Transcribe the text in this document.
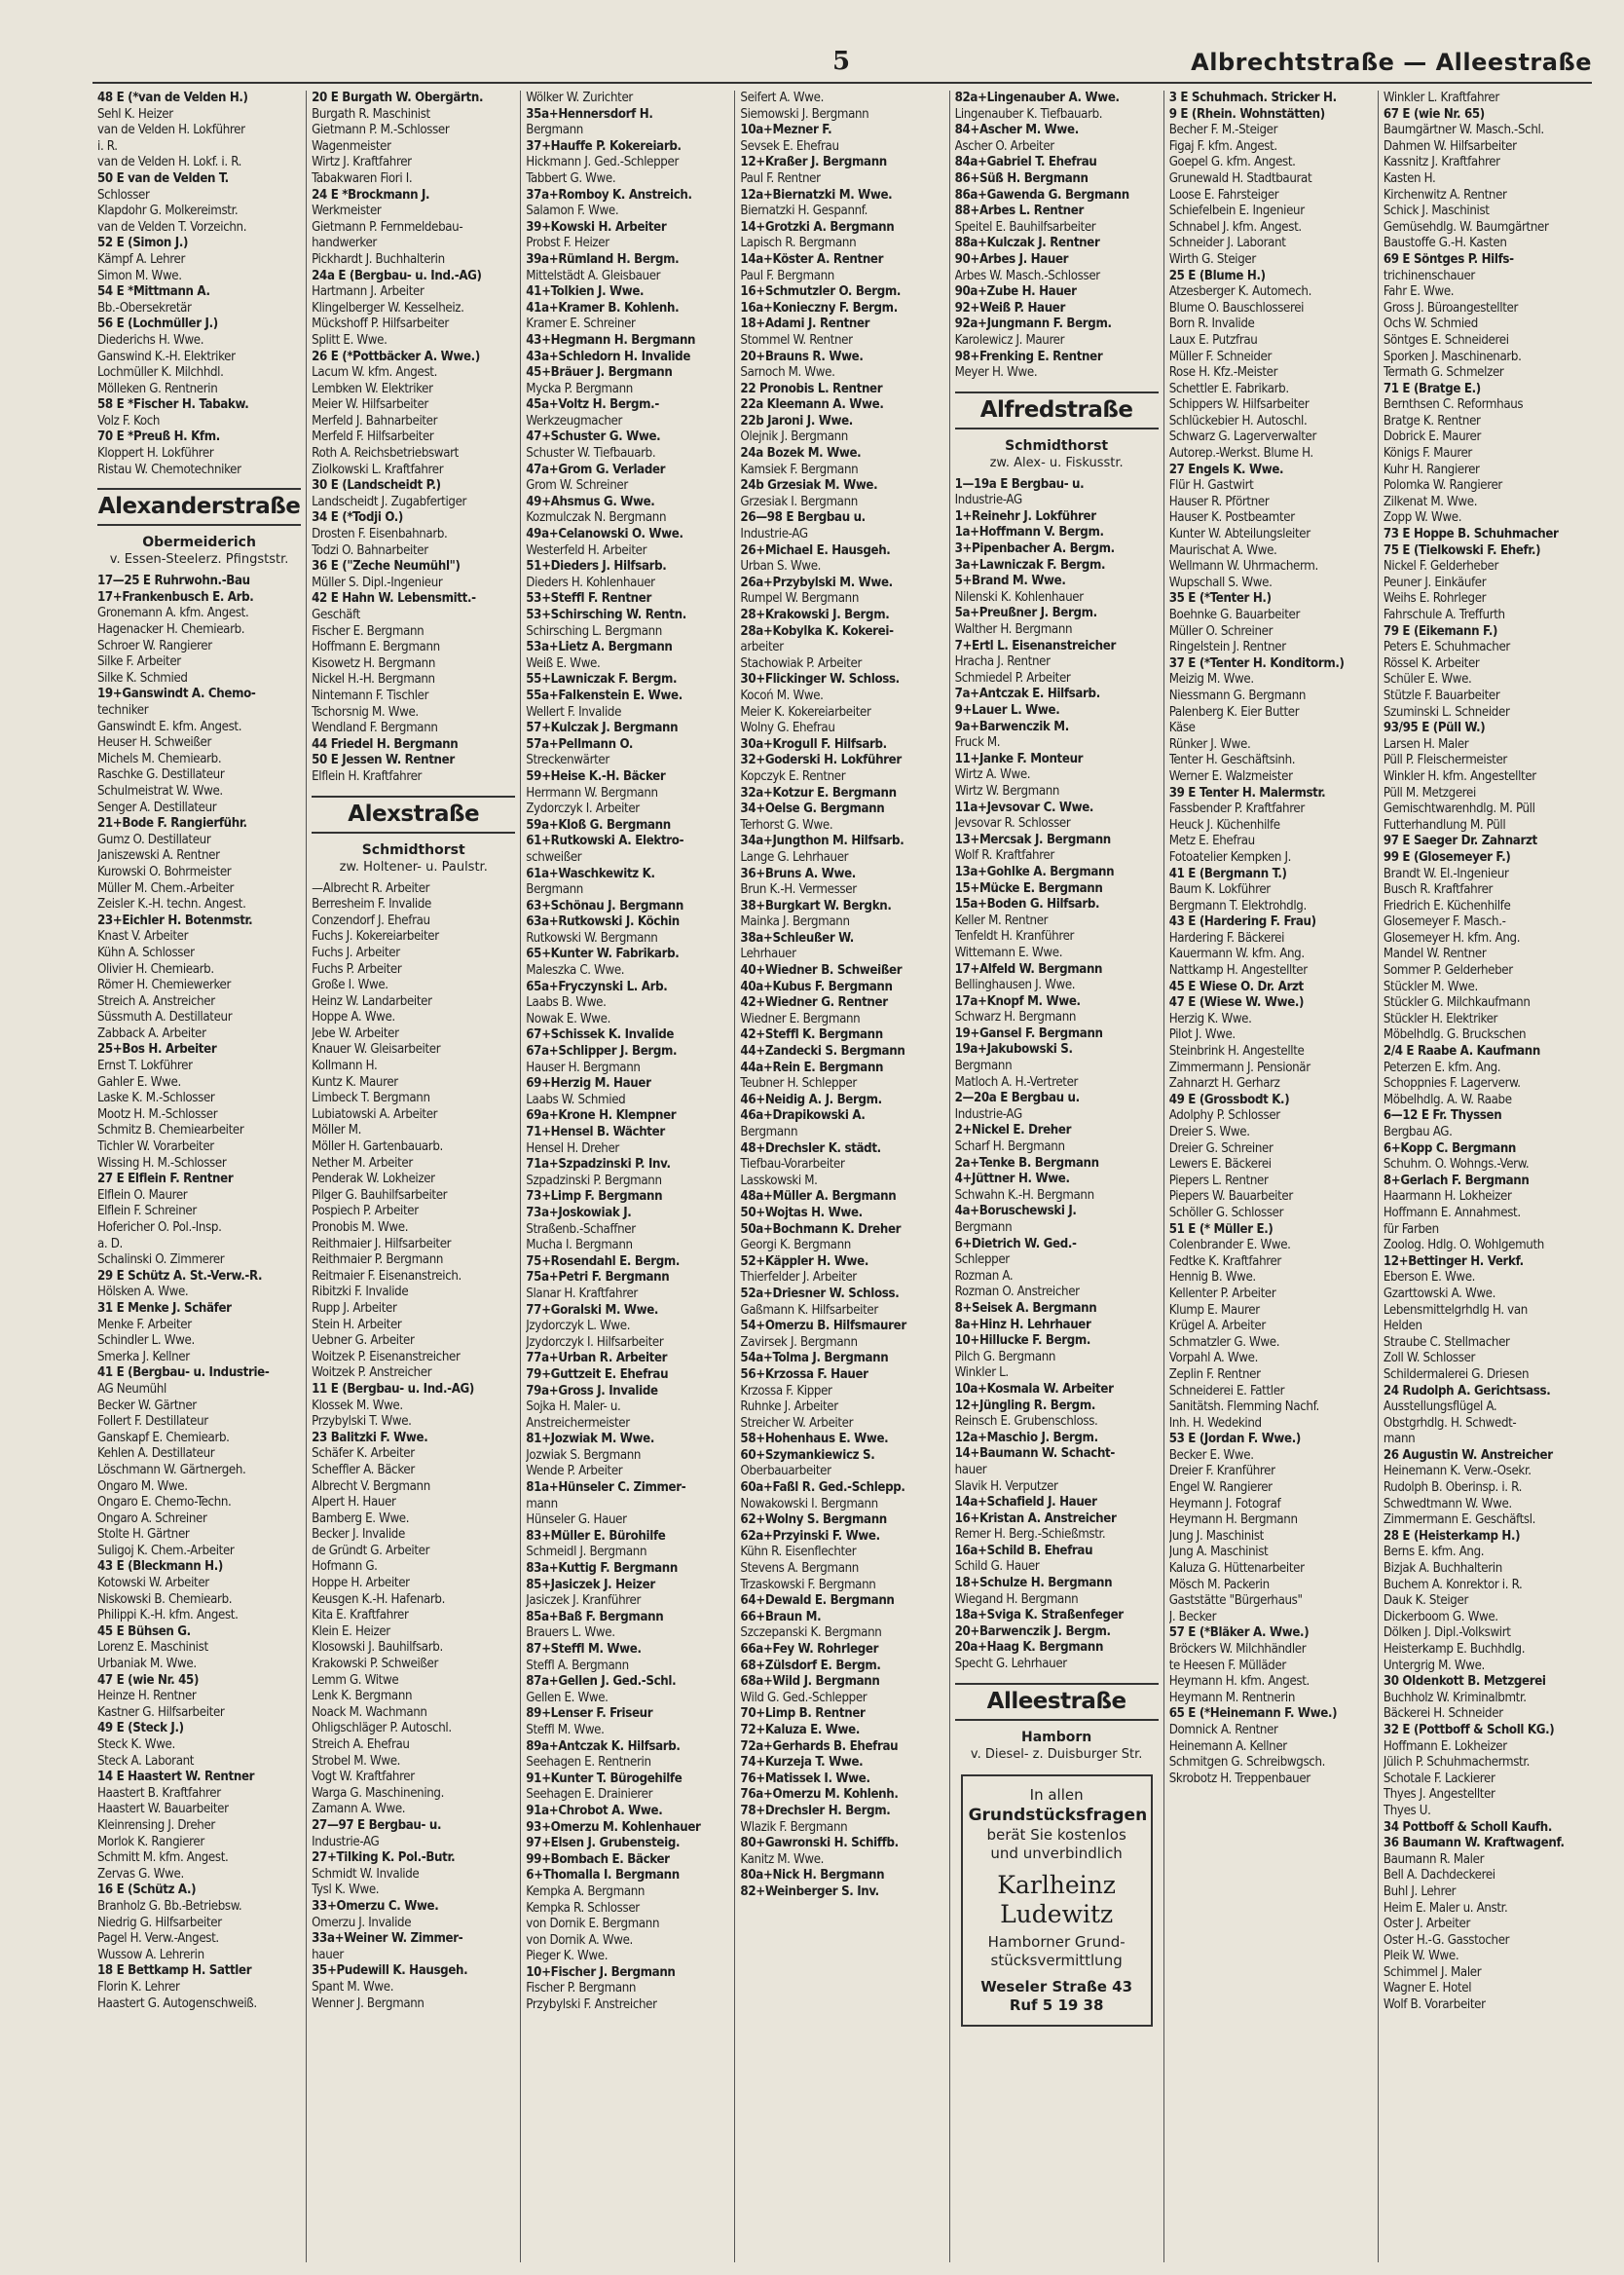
5	Albrechtstraße — Alleestraße
48 E (*van de Velden H.)
Sehl K. Heizer
van de Velden H. Lokführer
i. R.
van de Velden H. Lokf. i. R.
50 E van de Velden T.
Schlosser
Klapdohr G. Molkereimstr.
van de Velden T. Vorzeichn.
52 E (Simon J.)
Kämpf A. Lehrer
Simon M. Wwe.
54 E *Mittmann A.
Bb.-Obersekretär
56 E (Lochmüller J.)
Diederichs H. Wwe.
Ganswind K.-H. Elektriker
Lochmüller K. Milchhdl.
Mölleken G. Rentnerin
58 E *Fischer H. Tabakw.
Volz F. Koch
70 E *Preuß H. Kfm.
Kloppert H. Lokführer
Ristau W. Chemotechniker
Alexanderstraße
Obermeiderich
v. Essen-Steelerz. Pfingststr.
17—25 E Ruhrwohn.-Bau
17+Frankenbusch E. Arb.
Gronemann A. kfm. Angest.
Hagenacker H. Chemiearb.
Schroer W. Rangierer
Silke F. Arbeiter
Silke K. Schmied
19+Ganswindt A. Chemo-
techniker
Ganswindt E. kfm. Angest.
Heuser H. Schweißer
Michels M. Chemiearb.
Raschke G. Destillateur
Schulmeistrat W. Wwe.
Senger A. Destillateur
21+Bode F. Rangierführ.
Gumz O. Destillateur
Janiszewski A. Rentner
Kurowski O. Bohrmeister
Müller M. Chem.-Arbeiter
Zeisler K.-H. techn. Angest.
23+Eichler H. Botenmstr.
Knast V. Arbeiter
Kühn A. Schlosser
Olivier H. Chemiearb.
Römer H. Chemiewerker
Streich A. Anstreicher
Süssmuth A. Destillateur
Zabback A. Arbeiter
25+Bos H. Arbeiter
Ernst T. Lokführer
Gahler E. Wwe.
Laske K. M.-Schlosser
Mootz H. M.-Schlosser
Schmitz B. Chemiearbeiter
Tichler W. Vorarbeiter
Wissing H. M.-Schlosser
27 E Elflein F. Rentner
Elflein O. Maurer
Elflein F. Schreiner
Hofericher O. Pol.-Insp.
a. D.
Schalinski O. Zimmerer
29 E Schütz A. St.-Verw.-R.
Hölsken A. Wwe.
31 E Menke J. Schäfer
Menke F. Arbeiter
Schindler L. Wwe.
Smerka J. Kellner
41 E (Bergbau- u. Industrie-
AG Neumühl
Becker W. Gärtner
Follert F. Destillateur
Ganskapf E. Chemiearb.
Kehlen A. Destillateur
Löschmann W. Gärtnergeh.
Ongaro M. Wwe.
Ongaro E. Chemo-Techn.
Ongaro A. Schreiner
Stolte H. Gärtner
Suligoj K. Chem.-Arbeiter
43 E (Bleckmann H.)
Kotowski W. Arbeiter
Niskowski B. Chemiearb.
Philippi K.-H. kfm. Angest.
45 E Bühsen G.
Lorenz E. Maschinist
Urbaniak M. Wwe.
47 E (wie Nr. 45)
Heinze H. Rentner
Kastner G. Hilfsarbeiter
49 E (Steck J.)
Steck K. Wwe.
Steck A. Laborant
14 E Haastert W. Rentner
Haastert B. Kraftfahrer
Haastert W. Bauarbeiter
Kleinrensing J. Dreher
Morlok K. Rangierer
Schmitt M. kfm. Angest.
Zervas G. Wwe.
16 E (Schütz A.)
Branholz G. Bb.-Betriebsw.
Niedrig G. Hilfsarbeiter
Pagel H. Verw.-Angest.
Wussow A. Lehrerin
18 E Bettkamp H. Sattler
Florin K. Lehrer
Haastert G. Autogenschweiß.
20 E Burgath W. Obergärtn.
Burgath R. Maschinist
Gietmann P. M.-Schlosser
Wagenmeister
Wirtz J. Kraftfahrer
Tabakwaren Fiori I.
24 E *Brockmann J.
Werkmeister
Gietmann P. Fernmeldebau-
handwerker
Pickhardt J. Buchhalterin
24a E (Bergbau- u. Ind.-AG)
Hartmann J. Arbeiter
Klingelberger W. Kesselheiz.
Mückshoff P. Hilfsarbeiter
Splitt E. Wwe.
26 E (*Pottbäcker A. Wwe.)
Lacum W. kfm. Angest.
Lembken W. Elektriker
Meier W. Hilfsarbeiter
Merfeld J. Bahnarbeiter
Merfeld F. Hilfsarbeiter
Roth A. Reichsbetriebswart
Ziolkowski L. Kraftfahrer
30 E (Landscheidt P.)
Landscheidt J. Zugabfertiger
34 E (*Todji O.)
Drosten F. Eisenbahnarb.
Todzi O. Bahnarbeiter
36 E ("Zeche Neumühl")
Müller S. Dipl.-Ingenieur
42 E Hahn W. Lebensmitt.-
Geschäft
Fischer E. Bergmann
Hoffmann E. Bergmann
Kisowetz H. Bergmann
Nickel H.-H. Bergmann
Nintemann F. Tischler
Tschorsnig M. Wwe.
Wendland F. Bergmann
44 Friedel H. Bergmann
50 E Jessen W. Rentner
Elflein H. Kraftfahrer
Alexstraße
Schmidthorst
zw. Holtener- u. Paulstr.
—Albrecht R. Arbeiter
Berresheim F. Invalide
Conzendorf J. Ehefrau
Fuchs J. Kokereiarbeiter
Fuchs J. Arbeiter
Fuchs P. Arbeiter
Große I. Wwe.
Heinz W. Landarbeiter
Hoppe A. Wwe.
Jebe W. Arbeiter
Knauer W. Gleisarbeiter
Kollmann H.
Kuntz K. Maurer
Limbeck T. Bergmann
Lubiatowski A. Arbeiter
Möller M.
Möller H. Gartenbauarb.
Nether M. Arbeiter
Penderak W. Lokheizer
Pilger G. Bauhilfsarbeiter
Pospiech P. Arbeiter
Pronobis M. Wwe.
Reithmaier J. Hilfsarbeiter
Reithmaier P. Bergmann
Reitmaier F. Eisenanstreich.
Ribitzki F. Invalide
Rupp J. Arbeiter
Stein H. Arbeiter
Uebner G. Arbeiter
Woitzek P. Eisenanstreicher
Woitzek P. Anstreicher
11 E (Bergbau- u. Ind.-AG)
Klossek M. Wwe.
Przybylski T. Wwe.
23 Balitzki F. Wwe.
Schäfer K. Arbeiter
Scheffler A. Bäcker
Albrecht V. Bergmann
Alpert H. Hauer
Bamberg E. Wwe.
Becker J. Invalide
de Gründt G. Arbeiter
Hofmann G.
Hoppe H. Arbeiter
Keusgen K.-H. Hafenarb.
Kita E. Kraftfahrer
Klein E. Heizer
Klosowski J. Bauhilfsarb.
Krakowski P. Schweißer
Lemm G. Witwe
Lenk K. Bergmann
Noack M. Wachmann
Ohligschläger P. Autoschl.
Streich A. Ehefrau
Strobel M. Wwe.
Vogt W. Kraftfahrer
Warga G. Maschinening.
Zamann A. Wwe.
27—97 E Bergbau- u.
Industrie-AG
27+Tilking K. Pol.-Butr.
Schmidt W. Invalide
Tysl K. Wwe.
33+Omerzu C. Wwe.
Omerzu J. Invalide
33a+Weiner W. Zimmer-
hauer
35+Pudewill K. Hausgeh.
Spant M. Wwe.
Wenner J. Bergmann
Wölker W. Zurichter
35a+Hennersdorf H.
Bergmann
37+Hauffe P. Kokereiarb.
Hickmann J. Ged.-Schlepper
Tabbert G. Wwe.
37a+Romboy K. Anstreich.
Salamon F. Wwe.
39+Kowski H. Arbeiter
Probst F. Heizer
39a+Rümland H. Bergm.
Mittelstädt A. Gleisbauer
41+Tolkien J. Wwe.
41a+Kramer B. Kohlenh.
Kramer E. Schreiner
43+Hegmann H. Bergmann
43a+Schledorn H. Invalide
45+Bräuer J. Bergmann
Mycka P. Bergmann
45a+Voltz H. Bergm.-
Werkzeugmacher
47+Schuster G. Wwe.
Schuster W. Tiefbauarb.
47a+Grom G. Verlader
Grom W. Schreiner
49+Ahsmus G. Wwe.
Kozmulczak N. Bergmann
49a+Celanowski O. Wwe.
Westerfeld H. Arbeiter
51+Dieders J. Hilfsarb.
Dieders H. Kohlenhauer
53+Steffl F. Rentner
53+Schirsching W. Rentn.
Schirsching L. Bergmann
53a+Lietz A. Bergmann
Weiß E. Wwe.
55+Lawniczak F. Bergm.
55a+Falkenstein E. Wwe.
Wellert F. Invalide
57+Kulczak J. Bergmann
57a+Pellmann O.
Streckenwärter
59+Heise K.-H. Bäcker
Herrmann W. Bergmann
Zydorczyk I. Arbeiter
59a+Kloß G. Bergmann
61+Rutkowski A. Elektro-
schweißer
61a+Waschkewitz K.
Bergmann
63+Schönau J. Bergmann
63a+Rutkowski J. Köchin
Rutkowski W. Bergmann
65+Kunter W. Fabrikarb.
Maleszka C. Wwe.
65a+Fryczynski L. Arb.
Laabs B. Wwe.
Nowak E. Wwe.
67+Schissek K. Invalide
67a+Schlipper J. Bergm.
Hauser H. Bergmann
69+Herzig M. Hauer
Laabs W. Schmied
69a+Krone H. Klempner
71+Hensel B. Wächter
Hensel H. Dreher
71a+Szpadzinski P. Inv.
Szpadzinski P. Bergmann
73+Limp F. Bergmann
73a+Joskowiak J.
Straßenb.-Schaffner
Mucha I. Bergmann
75+Rosendahl E. Bergm.
75a+Petri F. Bergmann
Slanar H. Kraftfahrer
77+Goralski M. Wwe.
Jzydorczyk L. Wwe.
Jzydorczyk I. Hilfsarbeiter
77a+Urban R. Arbeiter
79+Guttzeit E. Ehefrau
79a+Gross J. Invalide
Sojka H. Maler- u.
Anstreichermeister
81+Jozwiak M. Wwe.
Jozwiak S. Bergmann
Wende P. Arbeiter
81a+Hünseler C. Zimmer-
mann
Hünseler G. Hauer
83+Müller E. Bürohilfe
Schmeidl J. Bergmann
83a+Kuttig F. Bergmann
85+Jasiczek J. Heizer
Jasiczek J. Kranführer
85a+Baß F. Bergmann
Brauers L. Wwe.
87+Steffl M. Wwe.
Steffl A. Bergmann
87a+Gellen J. Ged.-Schl.
Gellen E. Wwe.
89+Lenser F. Friseur
Steffl M. Wwe.
89a+Antczak K. Hilfsarb.
Seehagen E. Rentnerin
91+Kunter T. Bürogehilfe
Seehagen E. Drainierer
91a+Chrobot A. Wwe.
93+Omerzu M. Kohlenhauer
97+Elsen J. Grubensteig.
99+Bombach E. Bäcker
6+Thomalla I. Bergmann
Kempka A. Bergmann
Kempka R. Schlosser
von Dornik E. Bergmann
von Dornik A. Wwe.
Pieger K. Wwe.
10+Fischer J. Bergmann
Fischer P. Bergmann
Przybylski F. Anstreicher
Seifert A. Wwe.
Siemowski J. Bergmann
10a+Mezner F.
Sevsek E. Ehefrau
12+Kraßer J. Bergmann
Paul F. Rentner
12a+Biernatzki M. Wwe.
Biernatzki H. Gespannf.
14+Grotzki A. Bergmann
Lapisch R. Bergmann
14a+Köster A. Rentner
Paul F. Bergmann
16+Schmutzler O. Bergm.
16a+Konieczny F. Bergm.
18+Adami J. Rentner
Stommel W. Rentner
20+Brauns R. Wwe.
Sarnoch M. Wwe.
22 Pronobis L. Rentner
22a Kleemann A. Wwe.
22b Jaroni J. Wwe.
Olejnik J. Bergmann
24a Bozek M. Wwe.
Kamsiek F. Bergmann
24b Grzesiak M. Wwe.
Grzesiak I. Bergmann
26—98 E Bergbau u.
Industrie-AG
26+Michael E. Hausgeh.
Urban S. Wwe.
26a+Przybylski M. Wwe.
Rumpel W. Bergmann
28+Krakowski J. Bergm.
28a+Kobylka K. Kokerei-
arbeiter
Stachowiak P. Arbeiter
30+Flickinger W. Schloss.
Kocoń M. Wwe.
Meier K. Kokereiarbeiter
Wolny G. Ehefrau
30a+Krogull F. Hilfsarb.
32+Goderski H. Lokführer
Kopczyk E. Rentner
32a+Kotzur E. Bergmann
34+Oelse G. Bergmann
Terhorst G. Wwe.
34a+Jungthon M. Hilfsarb.
Lange G. Lehrhauer
36+Bruns A. Wwe.
Brun K.-H. Vermesser
38+Burgkart W. Bergkn.
Mainka J. Bergmann
38a+Schleußer W.
Lehrhauer
40+Wiedner B. Schweißer
40a+Kubus F. Bergmann
42+Wiedner G. Rentner
Wiedner E. Bergmann
42+Steffl K. Bergmann
44+Zandecki S. Bergmann
44a+Rein E. Bergmann
Teubner H. Schlepper
46+Neidig A. J. Bergm.
46a+Drapikowski A.
Bergmann
48+Drechsler K. städt.
Tiefbau-Vorarbeiter
Lasskowski M.
48a+Müller A. Bergmann
50+Wojtas H. Wwe.
50a+Bochmann K. Dreher
Georgi K. Bergmann
52+Käppler H. Wwe.
Thierfelder J. Arbeiter
52a+Driesner W. Schloss.
Gaßmann K. Hilfsarbeiter
54+Omerzu B. Hilfsmaurer
Zavirsek J. Bergmann
54a+Tolma J. Bergmann
56+Krzossa F. Hauer
Krzossa F. Kipper
Ruhnke J. Arbeiter
Streicher W. Arbeiter
58+Hohenhaus E. Wwe.
60+Szymankiewicz S.
Oberbauarbeiter
60a+Faßl R. Ged.-Schlepp.
Nowakowski I. Bergmann
62+Wolny S. Bergmann
62a+Przyinski F. Wwe.
Kühn R. Eisenflechter
Stevens A. Bergmann
Trzaskowski F. Bergmann
64+Dewald E. Bergmann
66+Braun M.
Szczepanski K. Bergmann
66a+Fey W. Rohrleger
68+Zülsdorf E. Bergm.
68a+Wild J. Bergmann
Wild G. Ged.-Schlepper
70+Limp B. Rentner
72+Kaluza E. Wwe.
72a+Gerhards B. Ehefrau
74+Kurzeja T. Wwe.
76+Matissek I. Wwe.
76a+Omerzu M. Kohlenh.
78+Drechsler H. Bergm.
Wlazik F. Bergmann
80+Gawronski H. Schiffb.
Kanitz M. Wwe.
80a+Nick H. Bergmann
82+Weinberger S. Inv.
82a+Lingenauber A. Wwe.
Lingenauber K. Tiefbauarb.
84+Ascher M. Wwe.
Ascher O. Arbeiter
84a+Gabriel T. Ehefrau
86+Süß H. Bergmann
86a+Gawenda G. Bergmann
88+Arbes L. Rentner
Speitel E. Bauhilfsarbeiter
88a+Kulczak J. Rentner
90+Arbes J. Hauer
Arbes W. Masch.-Schlosser
90a+Zube H. Hauer
92+Weiß P. Hauer
92a+Jungmann F. Bergm.
Karolewicz J. Maurer
98+Frenking E. Rentner
Meyer H. Wwe.
Alfredstraße
Schmidthorst
zw. Alex- u. Fiskusstr.
1—19a E Bergbau- u.
Industrie-AG
1+Reinehr J. Lokführer
1a+Hoffmann V. Bergm.
3+Pipenbacher A. Bergm.
3a+Lawniczak F. Bergm.
5+Brand M. Wwe.
Nilenski K. Kohlenhauer
5a+Preußner J. Bergm.
Walther H. Bergmann
7+Ertl L. Eisenanstreicher
Hracha J. Rentner
Schmiedel P. Arbeiter
7a+Antczak E. Hilfsarb.
9+Lauer L. Wwe.
9a+Barwenczik M.
Fruck M.
11+Janke F. Monteur
Wirtz A. Wwe.
Wirtz W. Bergmann
11a+Jevsovar C. Wwe.
Jevsovar R. Schlosser
13+Mercsak J. Bergmann
Wolf R. Kraftfahrer
13a+Gohlke A. Bergmann
15+Mücke E. Bergmann
15a+Boden G. Hilfsarb.
Keller M. Rentner
Tenfeldt H. Kranführer
Wittemann E. Wwe.
17+Alfeld W. Bergmann
Bellinghausen J. Wwe.
17a+Knopf M. Wwe.
Schwarz H. Bergmann
19+Gansel F. Bergmann
19a+Jakubowski S.
Bergmann
Matloch A. H.-Vertreter
2—20a E Bergbau u.
Industrie-AG
2+Nickel E. Dreher
Scharf H. Bergmann
2a+Tenke B. Bergmann
4+Jüttner H. Wwe.
Schwahn K.-H. Bergmann
4a+Boruschewski J.
Bergmann
6+Dietrich W. Ged.-
Schlepper
Rozman A.
Rozman O. Anstreicher
8+Seisek A. Bergmann
8a+Hinz H. Lehrhauer
10+Hillucke F. Bergm.
Pilch G. Bergmann
Winkler L.
10a+Kosmala W. Arbeiter
12+Jüngling R. Bergm.
Reinsch E. Grubenschloss.
12a+Maschio J. Bergm.
14+Baumann W. Schacht-
hauer
Slavik H. Verputzer
14a+Schafield J. Hauer
16+Kristan A. Anstreicher
Remer H. Berg.-Schießmstr.
16a+Schild B. Ehefrau
Schild G. Hauer
18+Schulze H. Bergmann
Wiegand H. Bergmann
18a+Sviga K. Straßenfeger
20+Barwenczik J. Bergm.
20a+Haag K. Bergmann
Specht G. Lehrhauer
Alleestraße
Hamborn
v. Diesel- z. Duisburger Str.
In allen
Grundstücksfragen
berät Sie kostenlos
und unverbindlich
Karlheinz
Ludewitz
Hamborner Grund-
stücksvermittlung
Weseler Straße 43
Ruf 5 19 38
3 E Schuhmach. Stricker H.
9 E (Rhein. Wohnstätten)
Becher F. M.-Steiger
Figaj F. kfm. Angest.
Goepel G. kfm. Angest.
Grunewald H. Stadtbaurat
Loose E. Fahrsteiger
Schiefelbein E. Ingenieur
Schnabel J. kfm. Angest.
Schneider J. Laborant
Wirth G. Steiger
25 E (Blume H.)
Atzesberger K. Automech.
Blume O. Bauschlosserei
Born R. Invalide
Laux E. Putzfrau
Müller F. Schneider
Rose H. Kfz.-Meister
Schettler E. Fabrikarb.
Schippers W. Hilfsarbeiter
Schlückebier H. Autoschl.
Schwarz G. Lagerverwalter
Autorep.-Werkst. Blume H.
27 Engels K. Wwe.
Flür H. Gastwirt
Hauser R. Pförtner
Hauser K. Postbeamter
Kunter W. Abteilungsleiter
Maurischat A. Wwe.
Wellmann W. Uhrmacherm.
Wupschall S. Wwe.
35 E (*Tenter H.)
Boehnke G. Bauarbeiter
Müller O. Schreiner
Ringelstein J. Rentner
37 E (*Tenter H. Konditorm.)
Meizig M. Wwe.
Niessmann G. Bergmann
Palenberg K. Eier Butter
Käse
Rünker J. Wwe.
Tenter H. Geschäftsinh.
Werner E. Walzmeister
39 E Tenter H. Malermstr.
Fassbender P. Kraftfahrer
Heuck J. Küchenhilfe
Metz E. Ehefrau
Fotoatelier Kempken J.
41 E (Bergmann T.)
Baum K. Lokführer
Bergmann T. Elektrohdlg.
43 E (Hardering F. Frau)
Hardering F. Bäckerei
Kauermann W. kfm. Ang.
Nattkamp H. Angestellter
45 E Wiese O. Dr. Arzt
47 E (Wiese W. Wwe.)
Herzig K. Wwe.
Pilot J. Wwe.
Steinbrink H. Angestellte
Zimmermann J. Pensionär
Zahnarzt H. Gerharz
49 E (Grossbodt K.)
Adolphy P. Schlosser
Dreier S. Wwe.
Dreier G. Schreiner
Lewers E. Bäckerei
Piepers L. Rentner
Piepers W. Bauarbeiter
Schöller G. Schlosser
51 E (* Müller E.)
Colenbrander E. Wwe.
Fedtke K. Kraftfahrer
Hennig B. Wwe.
Kellenter P. Arbeiter
Klump E. Maurer
Krügel A. Arbeiter
Schmatzler G. Wwe.
Vorpahl A. Wwe.
Zeplin F. Rentner
Schneiderei E. Fattler
Sanitätsh. Flemming Nachf.
Inh. H. Wedekind
53 E (Jordan F. Wwe.)
Becker E. Wwe.
Dreier F. Kranführer
Engel W. Rangierer
Heymann J. Fotograf
Heymann H. Bergmann
Jung J. Maschinist
Jung A. Maschinist
Kaluza G. Hüttenarbeiter
Mösch M. Packerin
Gaststätte "Bürgerhaus"
J. Becker
57 E (*Bläker A. Wwe.)
Bröckers W. Milchhändler
te Heesen F. Mülläder
Heymann H. kfm. Angest.
Heymann M. Rentnerin
65 E (*Heinemann F. Wwe.)
Domnick A. Rentner
Heinemann A. Kellner
Schmitgen G. Schreibwgsch.
Skrobotz H. Treppenbauer
Winkler L. Kraftfahrer
67 E (wie Nr. 65)
Baumgärtner W. Masch.-Schl.
Dahmen W. Hilfsarbeiter
Kassnitz J. Kraftfahrer
Kasten H.
Kirchenwitz A. Rentner
Schick J. Maschinist
Gemüsehdlg. W. Baumgärtner
Baustoffe G.-H. Kasten
69 E Söntges P. Hilfs-
trichinenschauer
Fahr E. Wwe.
Gross J. Büroangestellter
Ochs W. Schmied
Söntges E. Schneiderei
Sporken J. Maschinenarb.
Termath G. Schmelzer
71 E (Bratge E.)
Bernthsen C. Reformhaus
Bratge K. Rentner
Dobrick E. Maurer
Königs F. Maurer
Kuhr H. Rangierer
Polomka W. Rangierer
Zilkenat M. Wwe.
Zopp W. Wwe.
73 E Hoppe B. Schuhmacher
75 E (Tielkowski F. Ehefr.)
Nickel F. Gelderheber
Peuner J. Einkäufer
Weihs E. Rohrleger
Fahrschule A. Treffurth
79 E (Eikemann F.)
Peters E. Schuhmacher
Rössel K. Arbeiter
Schüler E. Wwe.
Stützle F. Bauarbeiter
Szuminski L. Schneider
93/95 E (Püll W.)
Larsen H. Maler
Püll P. Fleischermeister
Winkler H. kfm. Angestellter
Püll M. Metzgerei
Gemischtwarenhdlg. M. Püll
Futterhandlung M. Püll
97 E Saeger Dr. Zahnarzt
99 E (Glosemeyer F.)
Brandt W. El.-Ingenieur
Busch R. Kraftfahrer
Friedrich E. Küchenhilfe
Glosemeyer F. Masch.-
Glosemeyer H. kfm. Ang.
Mandel W. Rentner
Sommer P. Gelderheber
Stückler M. Wwe.
Stückler G. Milchkaufmann
Stückler H. Elektriker
Möbelhdlg. G. Bruckschen
2/4 E Raabe A. Kaufmann
Peterzen E. kfm. Ang.
Schoppnies F. Lagerverw.
Möbelhdlg. A. W. Raabe
6—12 E Fr. Thyssen
Bergbau AG.
6+Kopp C. Bergmann
Schuhm. O. Wohngs.-Verw.
8+Gerlach F. Bergmann
Haarmann H. Lokheizer
Hoffmann E. Annahmest.
für Farben
Zoolog. Hdlg. O. Wohlgemuth
12+Bettinger H. Verkf.
Eberson E. Wwe.
Gzarttowski A. Wwe.
Lebensmittelgrhdlg H. van
Helden
Straube C. Stellmacher
Zoll W. Schlosser
Schildermalerei G. Driesen
24 Rudolph A. Gerichtsass.
Ausstellungsflügel A.
Obstgrhdlg. H. Schwedt-
mann
26 Augustin W. Anstreicher
Heinemann K. Verw.-Osekr.
Rudolph B. Oberinsp. i. R.
Schwedtmann W. Wwe.
Zimmermann E. Geschäftsl.
28 E (Heisterkamp H.)
Berns E. kfm. Ang.
Bizjak A. Buchhalterin
Buchem A. Konrektor i. R.
Dauk K. Steiger
Dickerboom G. Wwe.
Dölken J. Dipl.-Volkswirt
Heisterkamp E. Buchhdlg.
Untergrig M. Wwe.
30 Oldenkott B. Metzgerei
Buchholz W. Kriminalbmtr.
Bäckerei H. Schneider
32 E (Pottboff & Scholl KG.)
Hoffmann E. Lokheizer
Jülich P. Schuhmachermstr.
Schotale F. Lackierer
Thyes J. Angestellter
Thyes U.
34 Pottboff & Scholl Kaufh.
36 Baumann W. Kraftwagenf.
Baumann R. Maler
Bell A. Dachdeckerei
Buhl J. Lehrer
Heim E. Maler u. Anstr.
Oster J. Arbeiter
Oster H.-G. Gasstocher
Pleik W. Wwe.
Schimmel J. Maler
Wagner E. Hotel
Wolf B. Vorarbeiter
